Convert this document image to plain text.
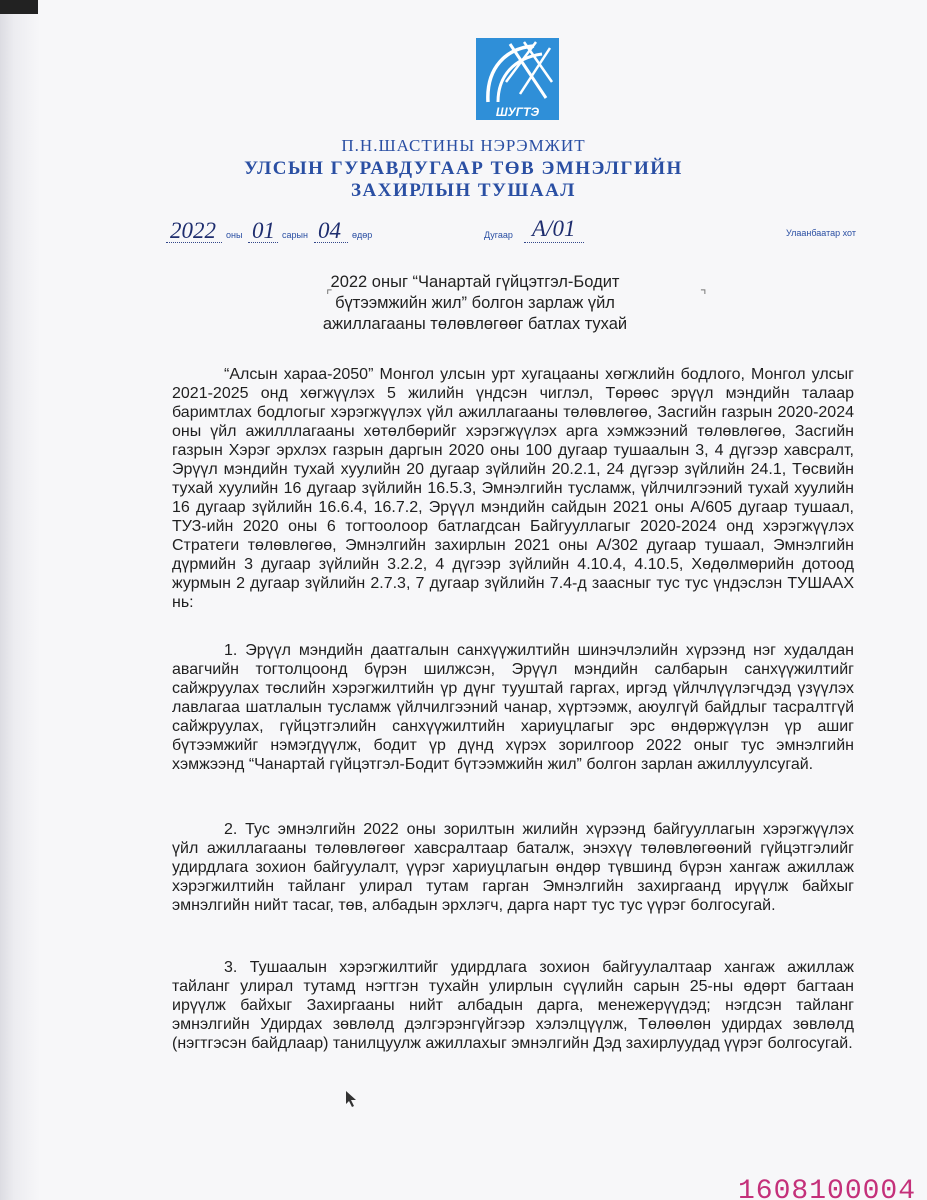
ШУГТЭ
П.Н.ШАСТИНЫ НЭРЭМЖИТ
УЛСЫН ГУРАВДУГААР ТӨВ ЭМНЭЛГИЙН
ЗАХИРЛЫН ТУШААЛ
2022 оны 01 сарын 04 өдөр	Дугаар А/01	Улаанбаатар хот
⌜	⌝
2022 оныг “Чанартай гүйцэтгэл-Бодит
бүтээмжийн жил” болгон зарлаж үйл
ажиллагааны төлөвлөгөөг батлах тухай
“Алсын хараа-2050” Монгол улсын урт хугацааны хөгжлийн бодлого, Монгол улсыг 2021-2025 онд хөгжүүлэх 5 жилийн үндсэн чиглэл, Төрөөс эрүүл мэндийн талаар баримтлах бодлогыг хэрэгжүүлэх үйл ажиллагааны төлөвлөгөө, Засгийн газрын 2020-2024 оны үйл ажилллагааны хөтөлбөрийг хэрэгжүүлэх арга хэмжээний төлөвлөгөө, Засгийн газрын Хэрэг эрхлэх газрын даргын 2020 оны 100 дугаар тушаалын 3, 4 дүгээр хавсралт, Эрүүл мэндийн тухай хуулийн 20 дугаар зүйлийн 20.2.1, 24 дүгээр зүйлийн 24.1, Төсвийн тухай хуулийн 16 дугаар зүйлийн 16.5.3, Эмнэлгийн тусламж, үйлчилгээний тухай хуулийн 16 дугаар зүйлийн 16.6.4, 16.7.2, Эрүүл мэндийн сайдын 2021 оны А/605 дугаар тушаал, ТУЗ-ийн 2020 оны 6 тогтоолоор батлагдсан Байгууллагыг 2020-2024 онд хэрэгжүүлэх Стратеги төлөвлөгөө, Эмнэлгийн захирлын 2021 оны А/302 дугаар тушаал, Эмнэлгийн дүрмийн 3 дугаар зүйлийн 3.2.2, 4 дүгээр зүйлийн 4.10.4, 4.10.5, Хөдөлмөрийн дотоод журмын 2 дугаар зүйлийн 2.7.3, 7 дугаар зүйлийн 7.4-д заасныг тус тус үндэслэн ТУШААХ нь:
1. Эрүүл мэндийн даатгалын санхүүжилтийн шинэчлэлийн хүрээнд нэг худалдан авагчийн тогтолцоонд бүрэн шилжсэн, Эрүүл мэндийн салбарын санхүүжилтийг сайжруулах төслийн хэрэгжилтийн үр дүнг тууштай гаргах, иргэд үйлчлүүлэгчдэд үзүүлэх лавлагаа шатлалын тусламж үйлчилгээний чанар, хүртээмж, аюулгүй байдлыг тасралтгүй сайжруулах, гүйцэтгэлийн санхүүжилтийн хариуцлагыг эрс өндөржүүлэн үр ашиг бүтээмжийг нэмэгдүүлж, бодит үр дүнд хүрэх зорилгоор 2022 оныг тус эмнэлгийн хэмжээнд “Чанартай гүйцэтгэл-Бодит бүтээмжийн жил” болгон зарлан ажиллуулсугай.
2. Тус эмнэлгийн 2022 оны зорилтын жилийн хүрээнд байгууллагын хэрэгжүүлэх үйл ажиллагааны төлөвлөгөөг хавсралтаар баталж, энэхүү төлөвлөгөөний гүйцэтгэлийг удирдлага зохион байгуулалт, үүрэг хариуцлагын өндөр түвшинд бүрэн хангаж ажиллаж хэрэгжилтийн тайланг улирал тутам гарган Эмнэлгийн захиргаанд ирүүлж байхыг эмнэлгийн нийт тасаг, төв, албадын эрхлэгч, дарга нарт тус тус үүрэг болгосугай.
3. Тушаалын хэрэгжилтийг удирдлага зохион байгуулалтаар хангаж ажиллаж тайланг улирал тутамд нэгтгэн тухайн улирлын сүүлийн сарын 25-ны өдөрт багтаан ирүүлж байхыг Захиргааны нийт албадын дарга, менежерүүдэд; нэгдсэн тайланг эмнэлгийн Удирдах зөвлөлд дэлгэрэнгүйгээр хэлэлцүүлж, Төлөөлөн удирдах зөвлөлд (нэгтгэсэн байдлаар) танилцуулж ажиллахыг эмнэлгийн Дэд захирлуудад үүрэг болгосугай.
1608100004
